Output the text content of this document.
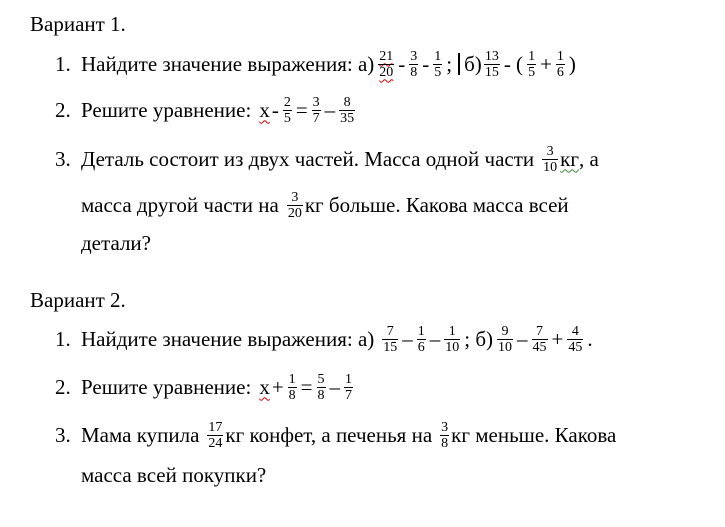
Вариант 1.
1. Найдите значение выражения: $а) \frac{21}{20} - \frac{3}{8} - \frac{1}{5}$ ; $б) \frac{13}{15}$ - ( $\frac{1}{5} + \frac{1}{6}$ )
2. Решите уравнение: $х - \frac{2}{5} = \frac{3}{7} - \frac{8}{35}$
3. Деталь состоит из двух частей. Масса одной части $\frac{3}{10}$ кг , а
масса другой части на $\frac{3}{20}$ кг больше. Какова масса всей
детали?
Вариант 2.
1. Найдите значение выражения: $а) \frac{7}{15} - \frac{1}{6} - \frac{1}{10}$ ; $б) \frac{9}{10} - \frac{7}{45} + \frac{4}{45}$ .
2. Решите уравнение: $х + \frac{1}{8} = \frac{5}{8} - \frac{1}{7}$
3. Мама купила $\frac{17}{24}$ кг конфет, а печенья на $\frac{3}{8}$ кг меньше. Какова
масса всей покупки?
